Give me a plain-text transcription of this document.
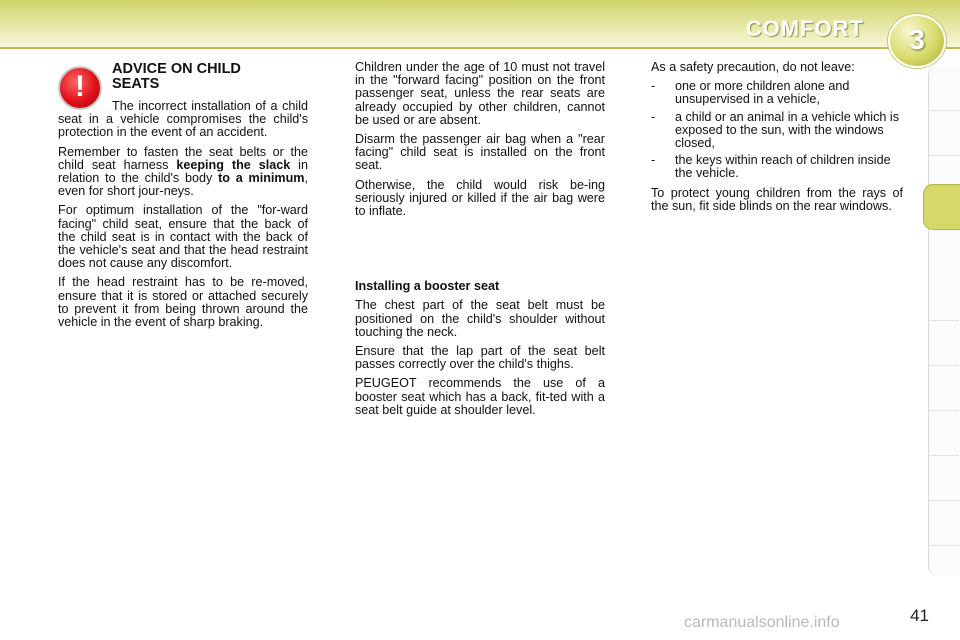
COMFORT	3
!
ADVICE ON CHILD SEATS

The incorrect installation of a child seat in a vehicle compromises the child's protection in the event of an accident.

Remember to fasten the seat belts or the child seat harness keeping the slack in relation to the child's body to a minimum, even for short jour-neys.

For optimum installation of the "for-ward facing" child seat, ensure that the back of the child seat is in contact with the back of the vehicle's seat and that the head restraint does not cause any discomfort.

If the head restraint has to be re-moved, ensure that it is stored or attached securely to prevent it from being thrown around the vehicle in the event of sharp braking.

Children under the age of 10 must not travel in the "forward facing" position on the front passenger seat, unless the rear seats are already occupied by other children, cannot be used or are absent.

Disarm the passenger air bag when a "rear facing" child seat is installed on the front seat.

Otherwise, the child would risk be-ing seriously injured or killed if the air bag were to inflate.

Installing a booster seat

The chest part of the seat belt must be positioned on the child's shoulder without touching the neck.

Ensure that the lap part of the seat belt passes correctly over the child's thighs.

PEUGEOT recommends the use of a booster seat which has a back, fit-ted with a seat belt guide at shoulder level.

As a safety precaution, do not leave:

- one or more children alone and unsupervised in a vehicle,
- a child or an animal in a vehicle which is exposed to the sun, with the windows closed,
- the keys within reach of children inside the vehicle.

To protect young children from the rays of the sun, fit side blinds on the rear windows.

41
carmanualsonline.info
